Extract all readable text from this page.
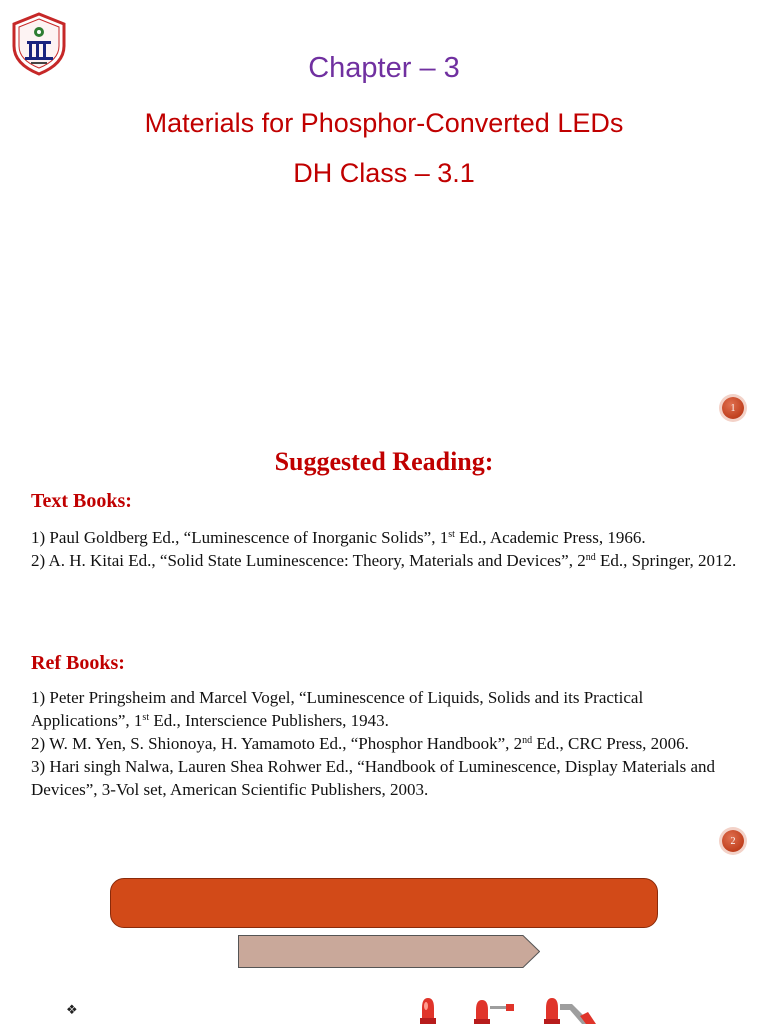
Chapter – 3
Materials for Phosphor-Converted LEDs
DH Class – 3.1
1
Suggested Reading:
Text Books:

1) Paul Goldberg Ed., “Luminescence of Inorganic Solids”, 1st Ed., Academic Press, 1966.

2) A. H. Kitai Ed., “Solid State Luminescence: Theory, Materials and Devices”, 2nd Ed., Springer, 2012.

Ref Books:

1) Peter Pringsheim and Marcel Vogel, “Luminescence of Liquids, Solids and its Practical Applications”, 1st Ed., Interscience Publishers, 1943.

2) W. M. Yen, S. Shionoya, H. Yamamoto Ed., “Phosphor Handbook”, 2nd Ed., CRC Press, 2006.

3) Hari singh Nalwa, Lauren Shea Rohwer Ed., “Handbook of Luminescence, Display Materials and Devices”, 3-Vol set, American Scientific Publishers, 2003.

2
❖
